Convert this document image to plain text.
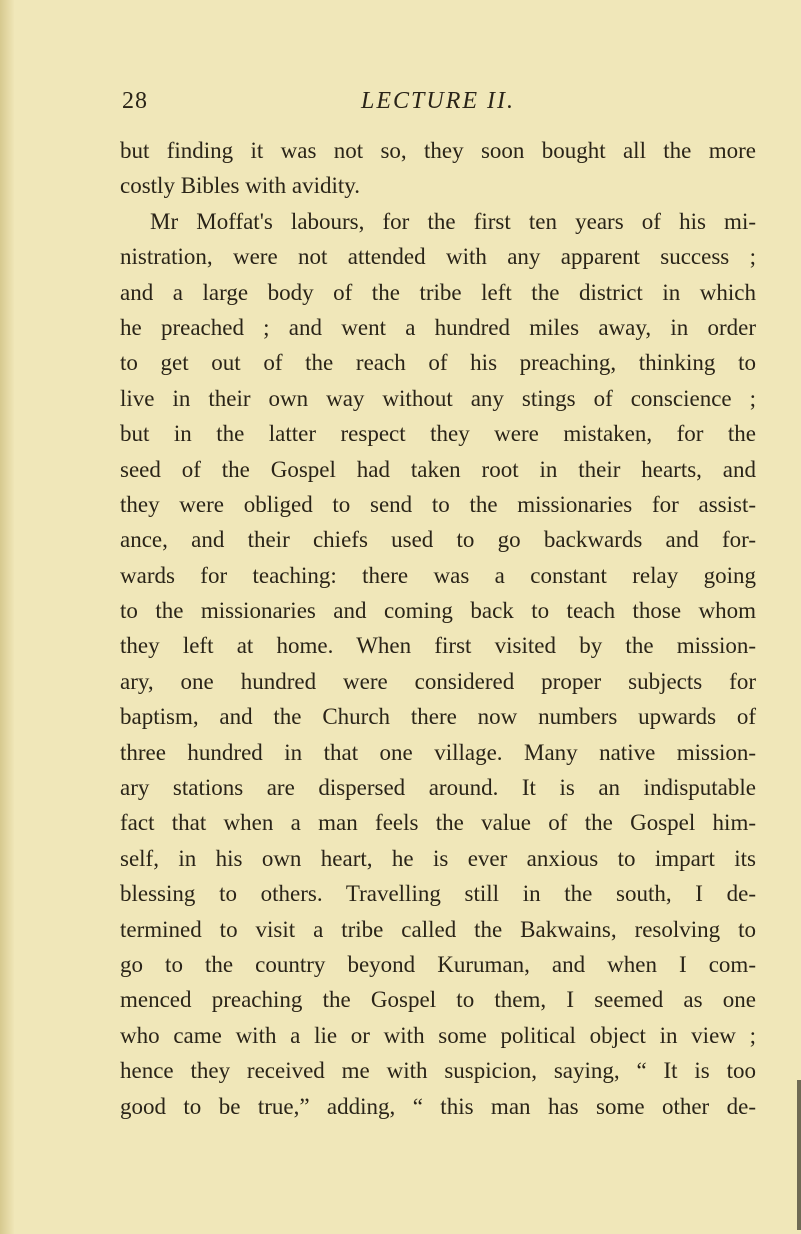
28	LECTURE II.
but finding it was not so, they soon bought all the more
costly Bibles with avidity.
Mr Moffat's labours, for the first ten years of his mi-
nistration, were not attended with any apparent success ;
and a large body of the tribe left the district in which
he preached ; and went a hundred miles away, in order
to get out of the reach of his preaching, thinking to
live in their own way without any stings of conscience ;
but in the latter respect they were mistaken, for the
seed of the Gospel had taken root in their hearts, and
they were obliged to send to the missionaries for assist-
ance, and their chiefs used to go backwards and for-
wards for teaching: there was a constant relay going
to the missionaries and coming back to teach those whom
they left at home. When first visited by the mission-
ary, one hundred were considered proper subjects for
baptism, and the Church there now numbers upwards of
three hundred in that one village. Many native mission-
ary stations are dispersed around. It is an indisputable
fact that when a man feels the value of the Gospel him-
self, in his own heart, he is ever anxious to impart its
blessing to others. Travelling still in the south, I de-
termined to visit a tribe called the Bakwains, resolving to
go to the country beyond Kuruman, and when I com-
menced preaching the Gospel to them, I seemed as one
who came with a lie or with some political object in view ;
hence they received me with suspicion, saying, “ It is too
good to be true,” adding, “ this man has some other de-
